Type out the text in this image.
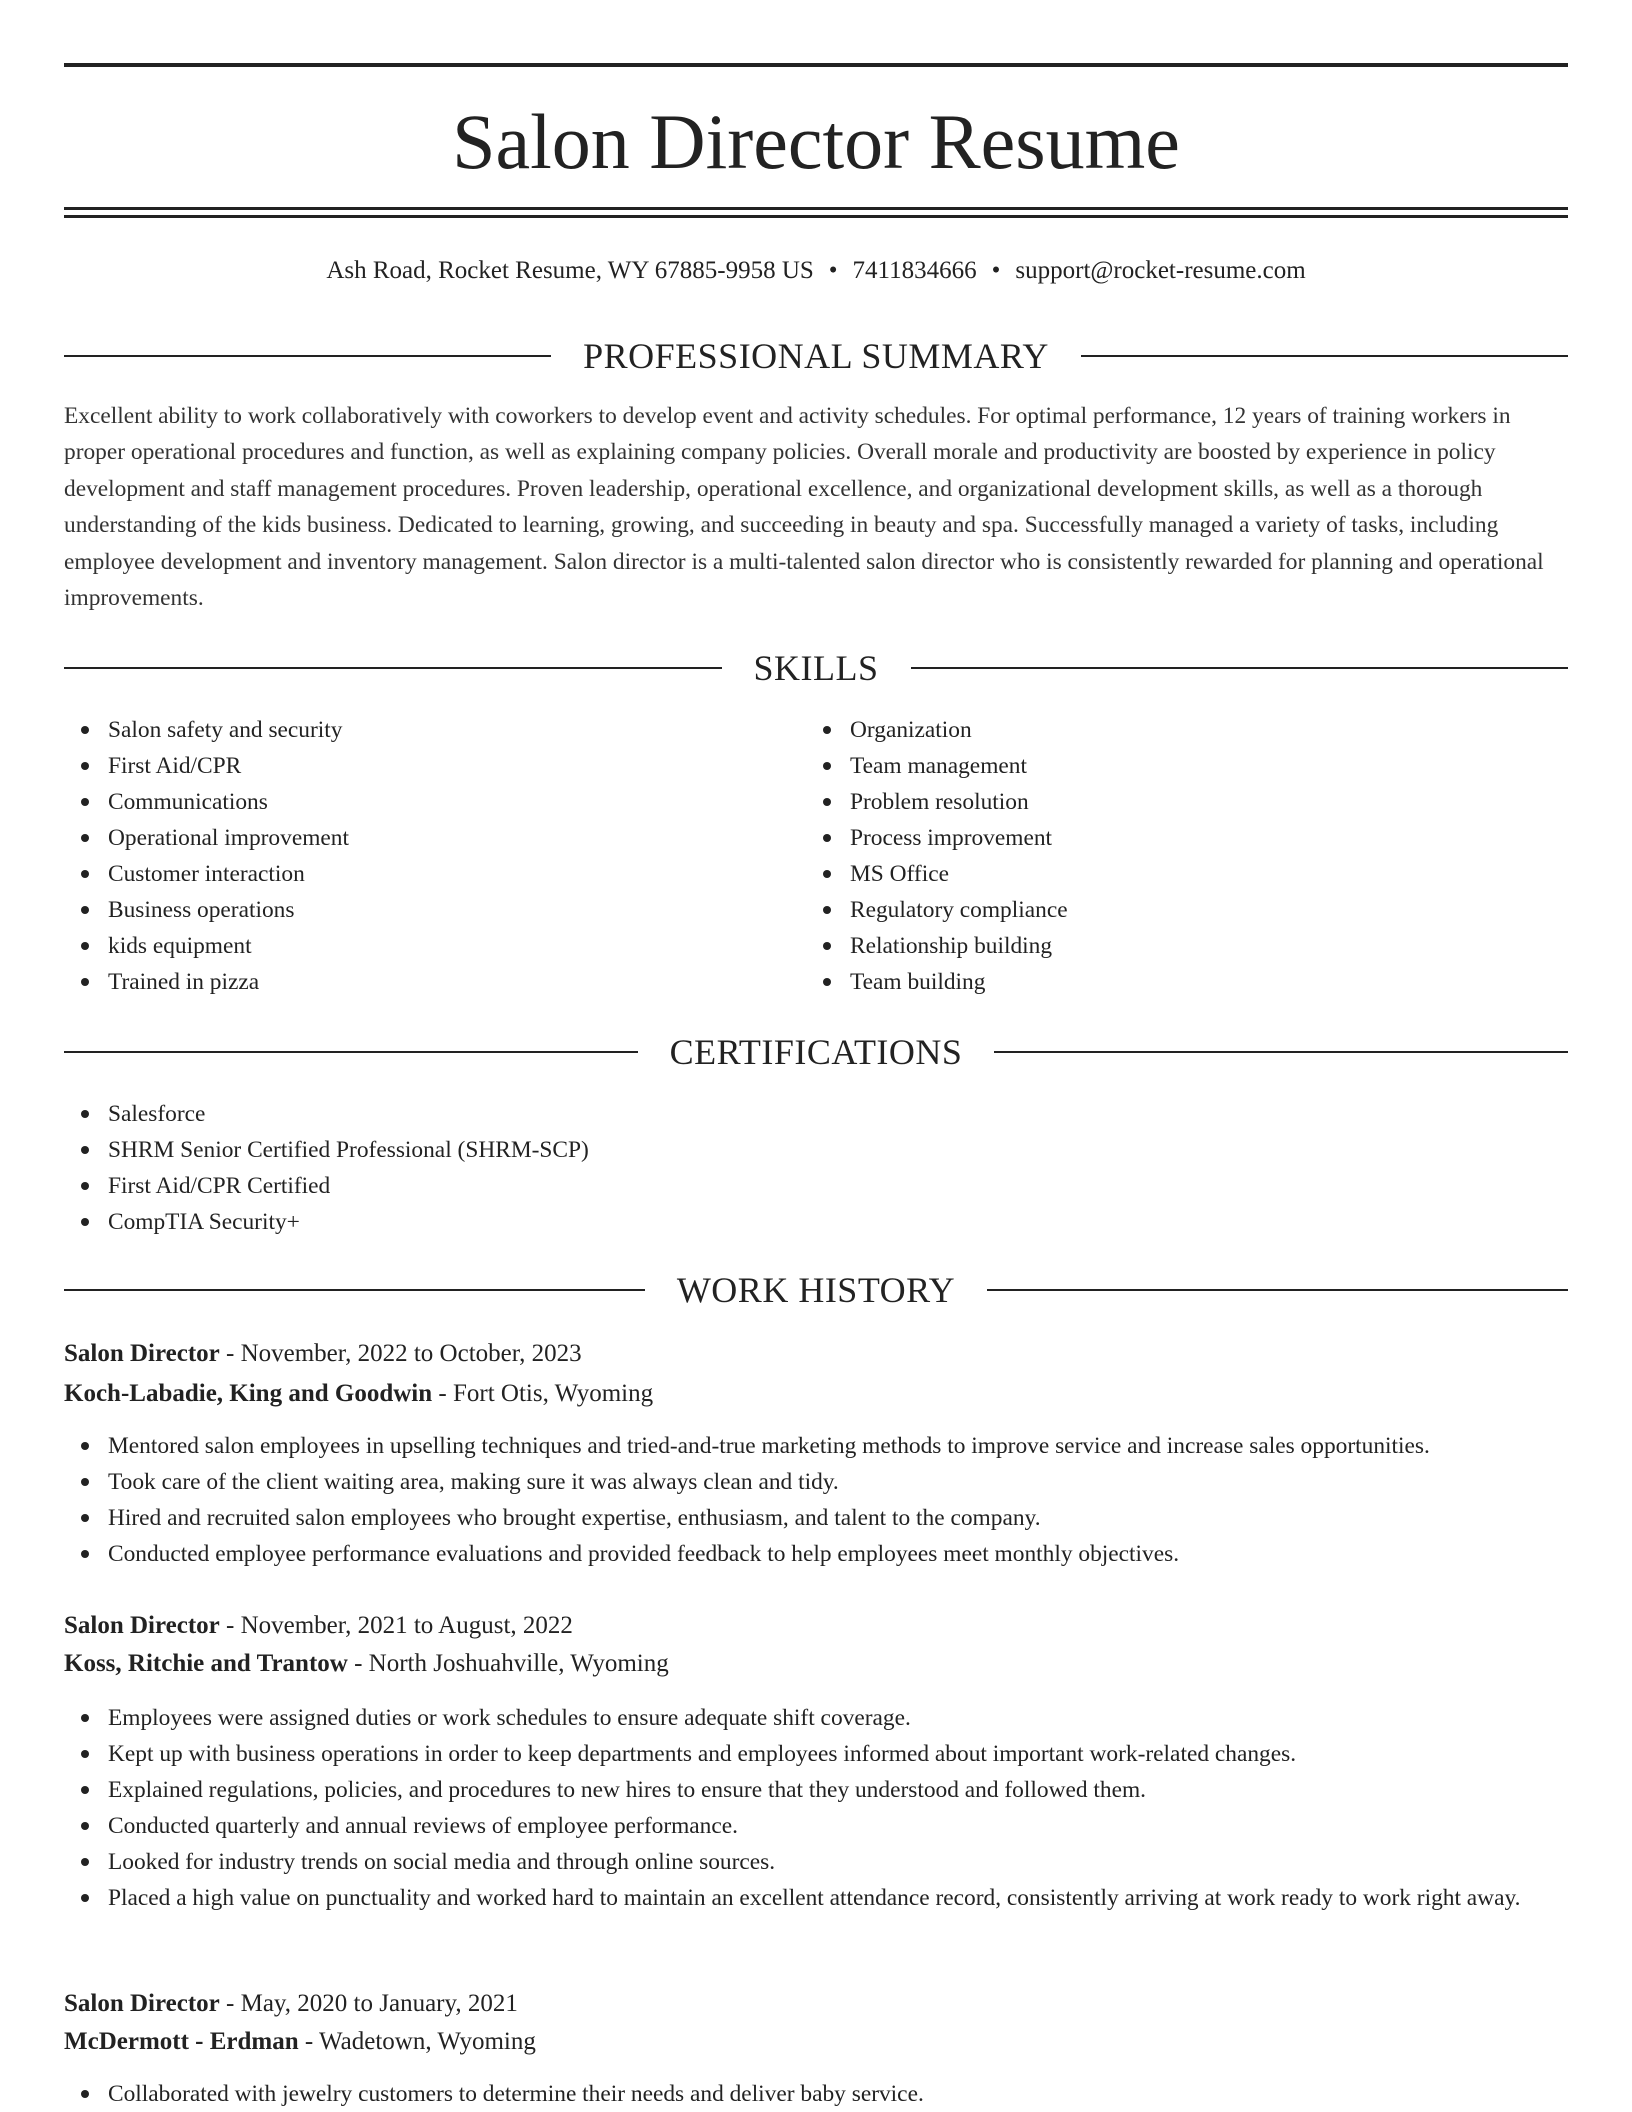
Salon Director Resume
Ash Road, Rocket Resume, WY 67885-9958 US • 7411834666 • support@rocket-resume.com
PROFESSIONAL SUMMARY

Excellent ability to work collaboratively with coworkers to develop event and activity schedules. For optimal performance, 12 years of training workers in proper operational procedures and function, as well as explaining company policies. Overall morale and productivity are boosted by experience in policy development and staff management procedures. Proven leadership, operational excellence, and organizational development skills, as well as a thorough understanding of the kids business. Dedicated to learning, growing, and succeeding in beauty and spa. Successfully managed a variety of tasks, including employee development and inventory management. Salon director is a multi-talented salon director who is consistently rewarded for planning and operational improvements.

SKILLS
Salon safety and security
First Aid/CPR
Communications
Operational improvement
Customer interaction
Business operations
kids equipment
Trained in pizza
Organization
Team management
Problem resolution
Process improvement
MS Office
Regulatory compliance
Relationship building
Team building
CERTIFICATIONS
Salesforce
SHRM Senior Certified Professional (SHRM-SCP)
First Aid/CPR Certified
CompTIA Security+
WORK HISTORY
Salon Director - November, 2022 to October, 2023
Koch-Labadie, King and Goodwin - Fort Otis, Wyoming
Mentored salon employees in upselling techniques and tried-and-true marketing methods to improve service and increase sales opportunities.
Took care of the client waiting area, making sure it was always clean and tidy.
Hired and recruited salon employees who brought expertise, enthusiasm, and talent to the company.
Conducted employee performance evaluations and provided feedback to help employees meet monthly objectives.
Salon Director - November, 2021 to August, 2022
Koss, Ritchie and Trantow - North Joshuahville, Wyoming
Employees were assigned duties or work schedules to ensure adequate shift coverage.
Kept up with business operations in order to keep departments and employees informed about important work-related changes.
Explained regulations, policies, and procedures to new hires to ensure that they understood and followed them.
Conducted quarterly and annual reviews of employee performance.
Looked for industry trends on social media and through online sources.
Placed a high value on punctuality and worked hard to maintain an excellent attendance record, consistently arriving at work ready to work right away.
Salon Director - May, 2020 to January, 2021
McDermott - Erdman - Wadetown, Wyoming
Collaborated with jewelry customers to determine their needs and deliver baby service.
